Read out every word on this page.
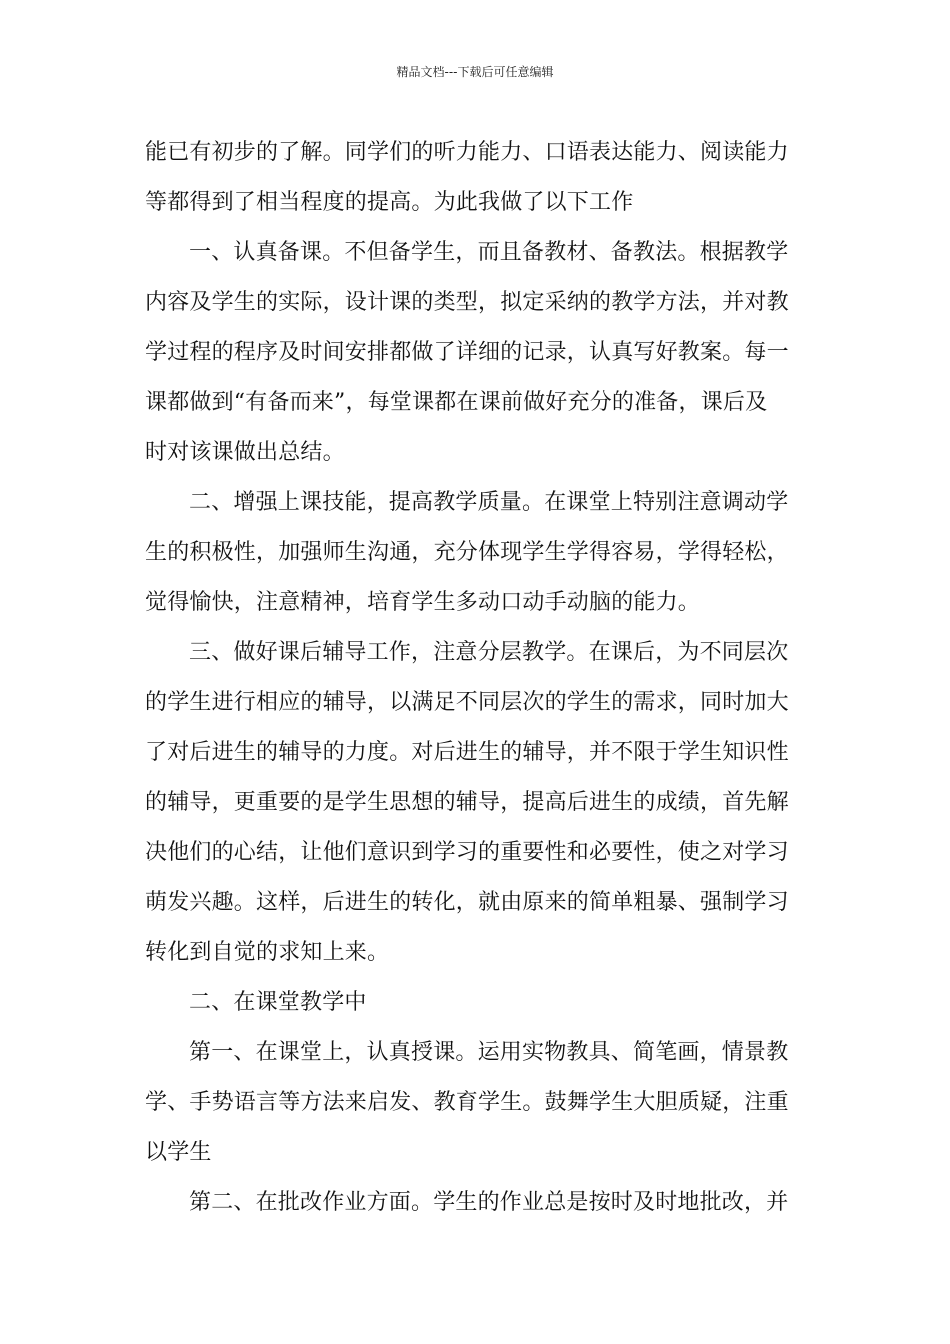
精品文档---下载后可任意编辑

能已有初步的了解。同学们的听力能力、口语表达能力、阅读能力
等都得到了相当程度的提高。为此我做了以下工作

一、认真备课。不但备学生，而且备教材、备教法。根据教学
内容及学生的实际，设计课的类型，拟定采纳的教学方法，并对教
学过程的程序及时间安排都做了详细的记录，认真写好教案。每一
课都做到“有备而来”，每堂课都在课前做好充分的准备，课后及
时对该课做出总结。

二、增强上课技能，提高教学质量。在课堂上特别注意调动学
生的积极性，加强师生沟通，充分体现学生学得容易，学得轻松，
觉得愉快，注意精神，培育学生多动口动手动脑的能力。

三、做好课后辅导工作，注意分层教学。在课后，为不同层次
的学生进行相应的辅导，以满足不同层次的学生的需求，同时加大
了对后进生的辅导的力度。对后进生的辅导，并不限于学生知识性
的辅导，更重要的是学生思想的辅导，提高后进生的成绩，首先解
决他们的心结，让他们意识到学习的重要性和必要性，使之对学习
萌发兴趣。这样，后进生的转化，就由原来的简单粗暴、强制学习
转化到自觉的求知上来。

二、在课堂教学中

第一、在课堂上，认真授课。运用实物教具、简笔画，情景教
学、手势语言等方法来启发、教育学生。鼓舞学生大胆质疑，注重
以学生

第二、在批改作业方面。学生的作业总是按时及时地批改，并
